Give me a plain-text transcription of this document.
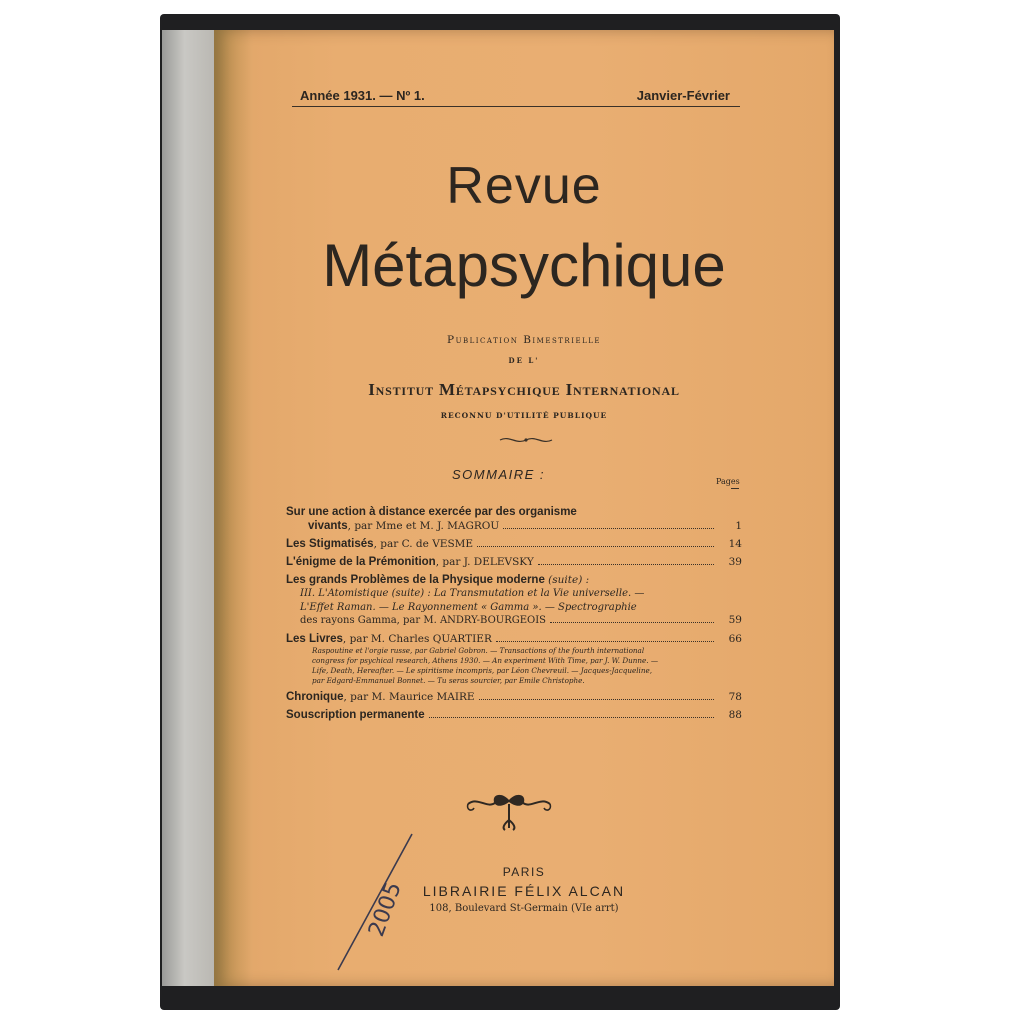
Année 1931. — Nº 1.	Janvier-Février
Revue
Métapsychique
Publication Bimestrielle
DE L'
Institut Métapsychique International
RECONNU D'UTILITÉ PUBLIQUE
SOMMAIRE :	Pages
Sur une action à distance exercée par des organisme
vivants, par Mme et M. J. MAGROU	1
Les Stigmatisés, par C. de VESME	14
L'énigme de la Prémonition, par J. DELEVSKY	39
Les grands Problèmes de la Physique moderne (suite) :
III. L'Atomistique (suite) : La Transmutation et la Vie universelle. —
L'Effet Raman. — Le Rayonnement « Gamma ». — Spectrographie
des rayons Gamma, par M. ANDRY-BOURGEOIS	59
Les Livres, par M. Charles QUARTIER	66
Raspoutine et l'orgie russe, par Gabriel Gobron. — Transactions of the fourth international
congress for psychical research, Athens 1930. — An experiment With Time, par J. W. Dunne. —
Life, Death, Hereafter. — Le spiritisme incompris, par Léon Chevreuil. — Jacques-Jacqueline,
par Edgard-Emmanuel Bonnet. — Tu seras sourcier, par Emile Christophe.
Chronique, par M. Maurice MAIRE	78
Souscription permanente	88
PARIS
LIBRAIRIE FÉLIX ALCAN
108, Boulevard St-Germain (VIe arrt)
2005
